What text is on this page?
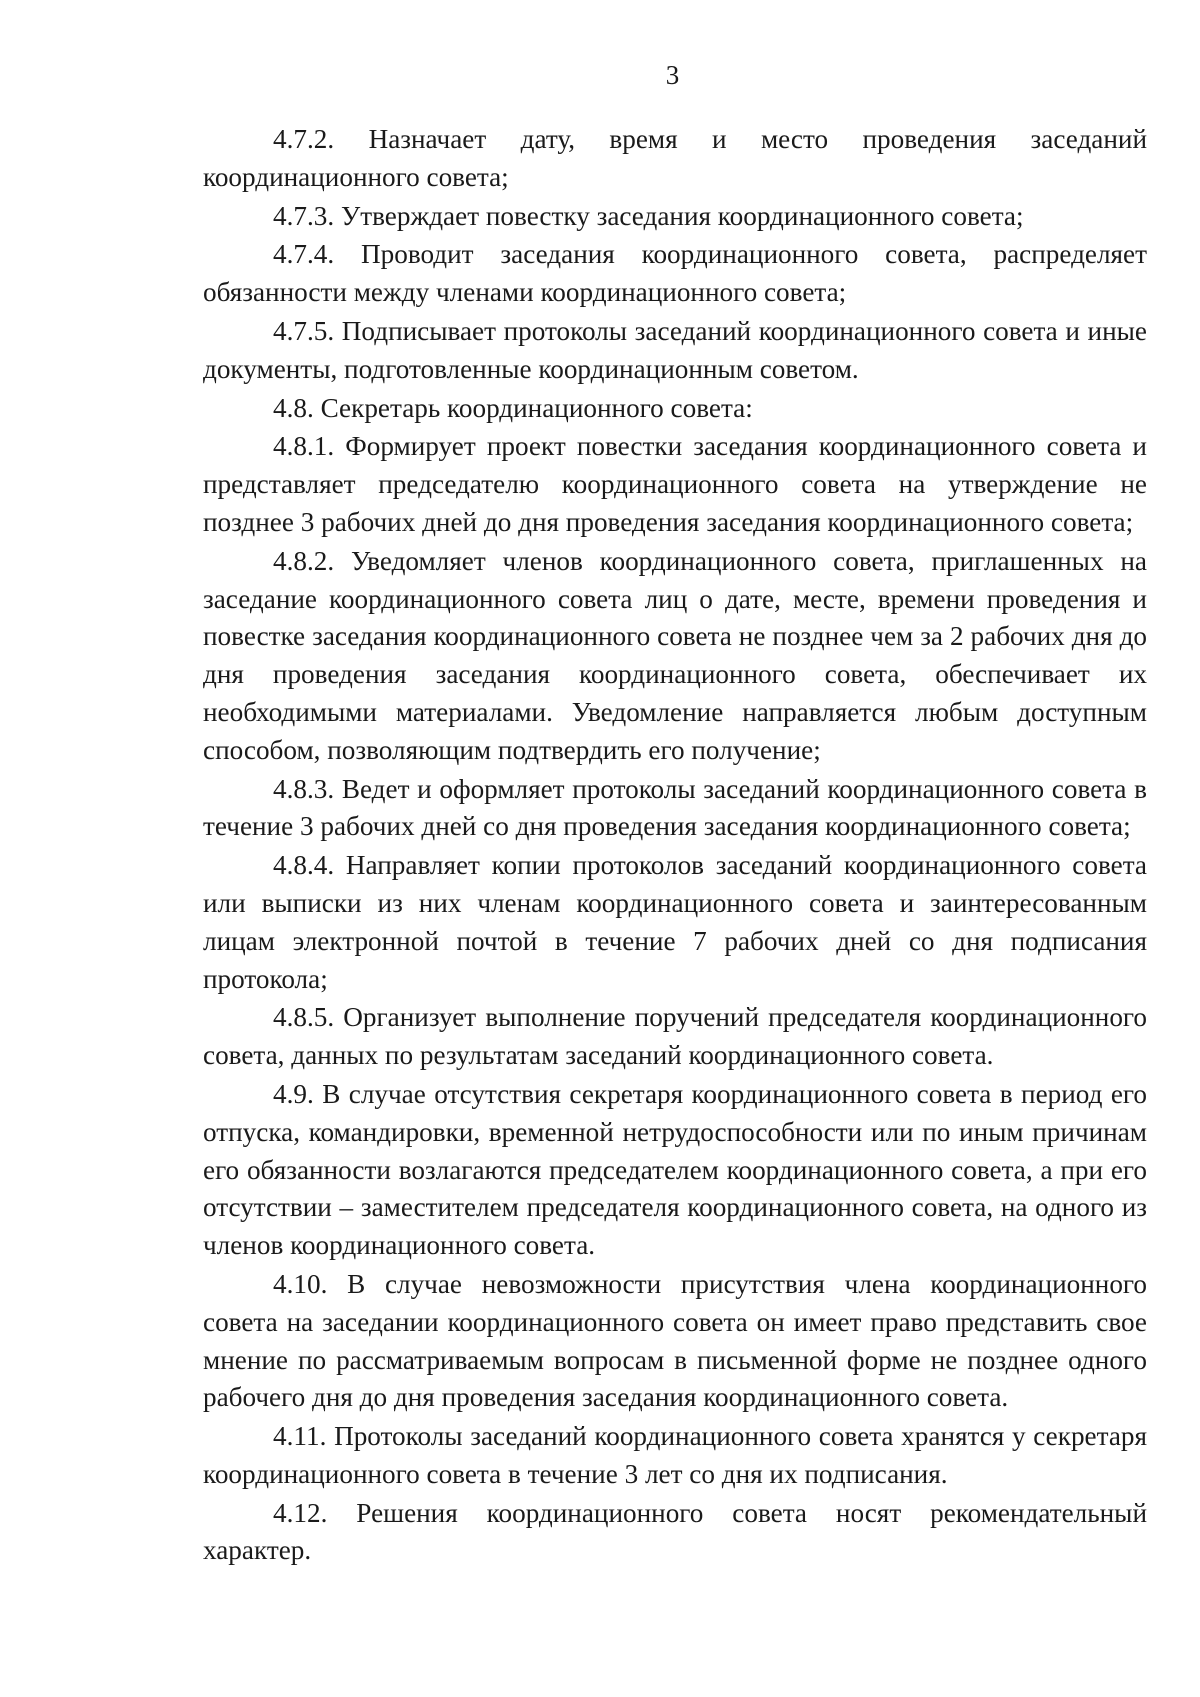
3

4.7.2. Назначает дату, время и место проведения заседаний координационного совета;

4.7.3. Утверждает повестку заседания координационного совета;

4.7.4. Проводит заседания координационного совета, распределяет обязанности между членами координационного совета;

4.7.5. Подписывает протоколы заседаний координационного совета и иные документы, подготовленные координационным советом.

4.8. Секретарь координационного совета:

4.8.1. Формирует проект повестки заседания координационного совета и представляет председателю координационного совета на утверждение не позднее 3 рабочих дней до дня проведения заседания координационного совета;

4.8.2. Уведомляет членов координационного совета, приглашенных на заседание координационного совета лиц о дате, месте, времени проведения и повестке заседания координационного совета не позднее чем за 2 рабочих дня до дня проведения заседания координационного совета, обеспечивает их необходимыми материалами. Уведомление направляется любым доступным способом, позволяющим подтвердить его получение;

4.8.3. Ведет и оформляет протоколы заседаний координационного совета в течение 3 рабочих дней со дня проведения заседания координационного совета;

4.8.4. Направляет копии протоколов заседаний координационного совета или выписки из них членам координационного совета и заинтересованным лицам электронной почтой в течение 7 рабочих дней со дня подписания протокола;

4.8.5. Организует выполнение поручений председателя координационного совета, данных по результатам заседаний координационного совета.

4.9. В случае отсутствия секретаря координационного совета в период его отпуска, командировки, временной нетрудоспособности или по иным причинам его обязанности возлагаются председателем координационного совета, а при его отсутствии – заместителем председателя координационного совета, на одного из членов координационного совета.

4.10. В случае невозможности присутствия члена координационного совета на заседании координационного совета он имеет право представить свое мнение по рассматриваемым вопросам в письменной форме не позднее одного рабочего дня до дня проведения заседания координационного совета.

4.11. Протоколы заседаний координационного совета хранятся у секретаря координационного совета в течение 3 лет со дня их подписания.

4.12. Решения координационного совета носят рекомендательный характер.
